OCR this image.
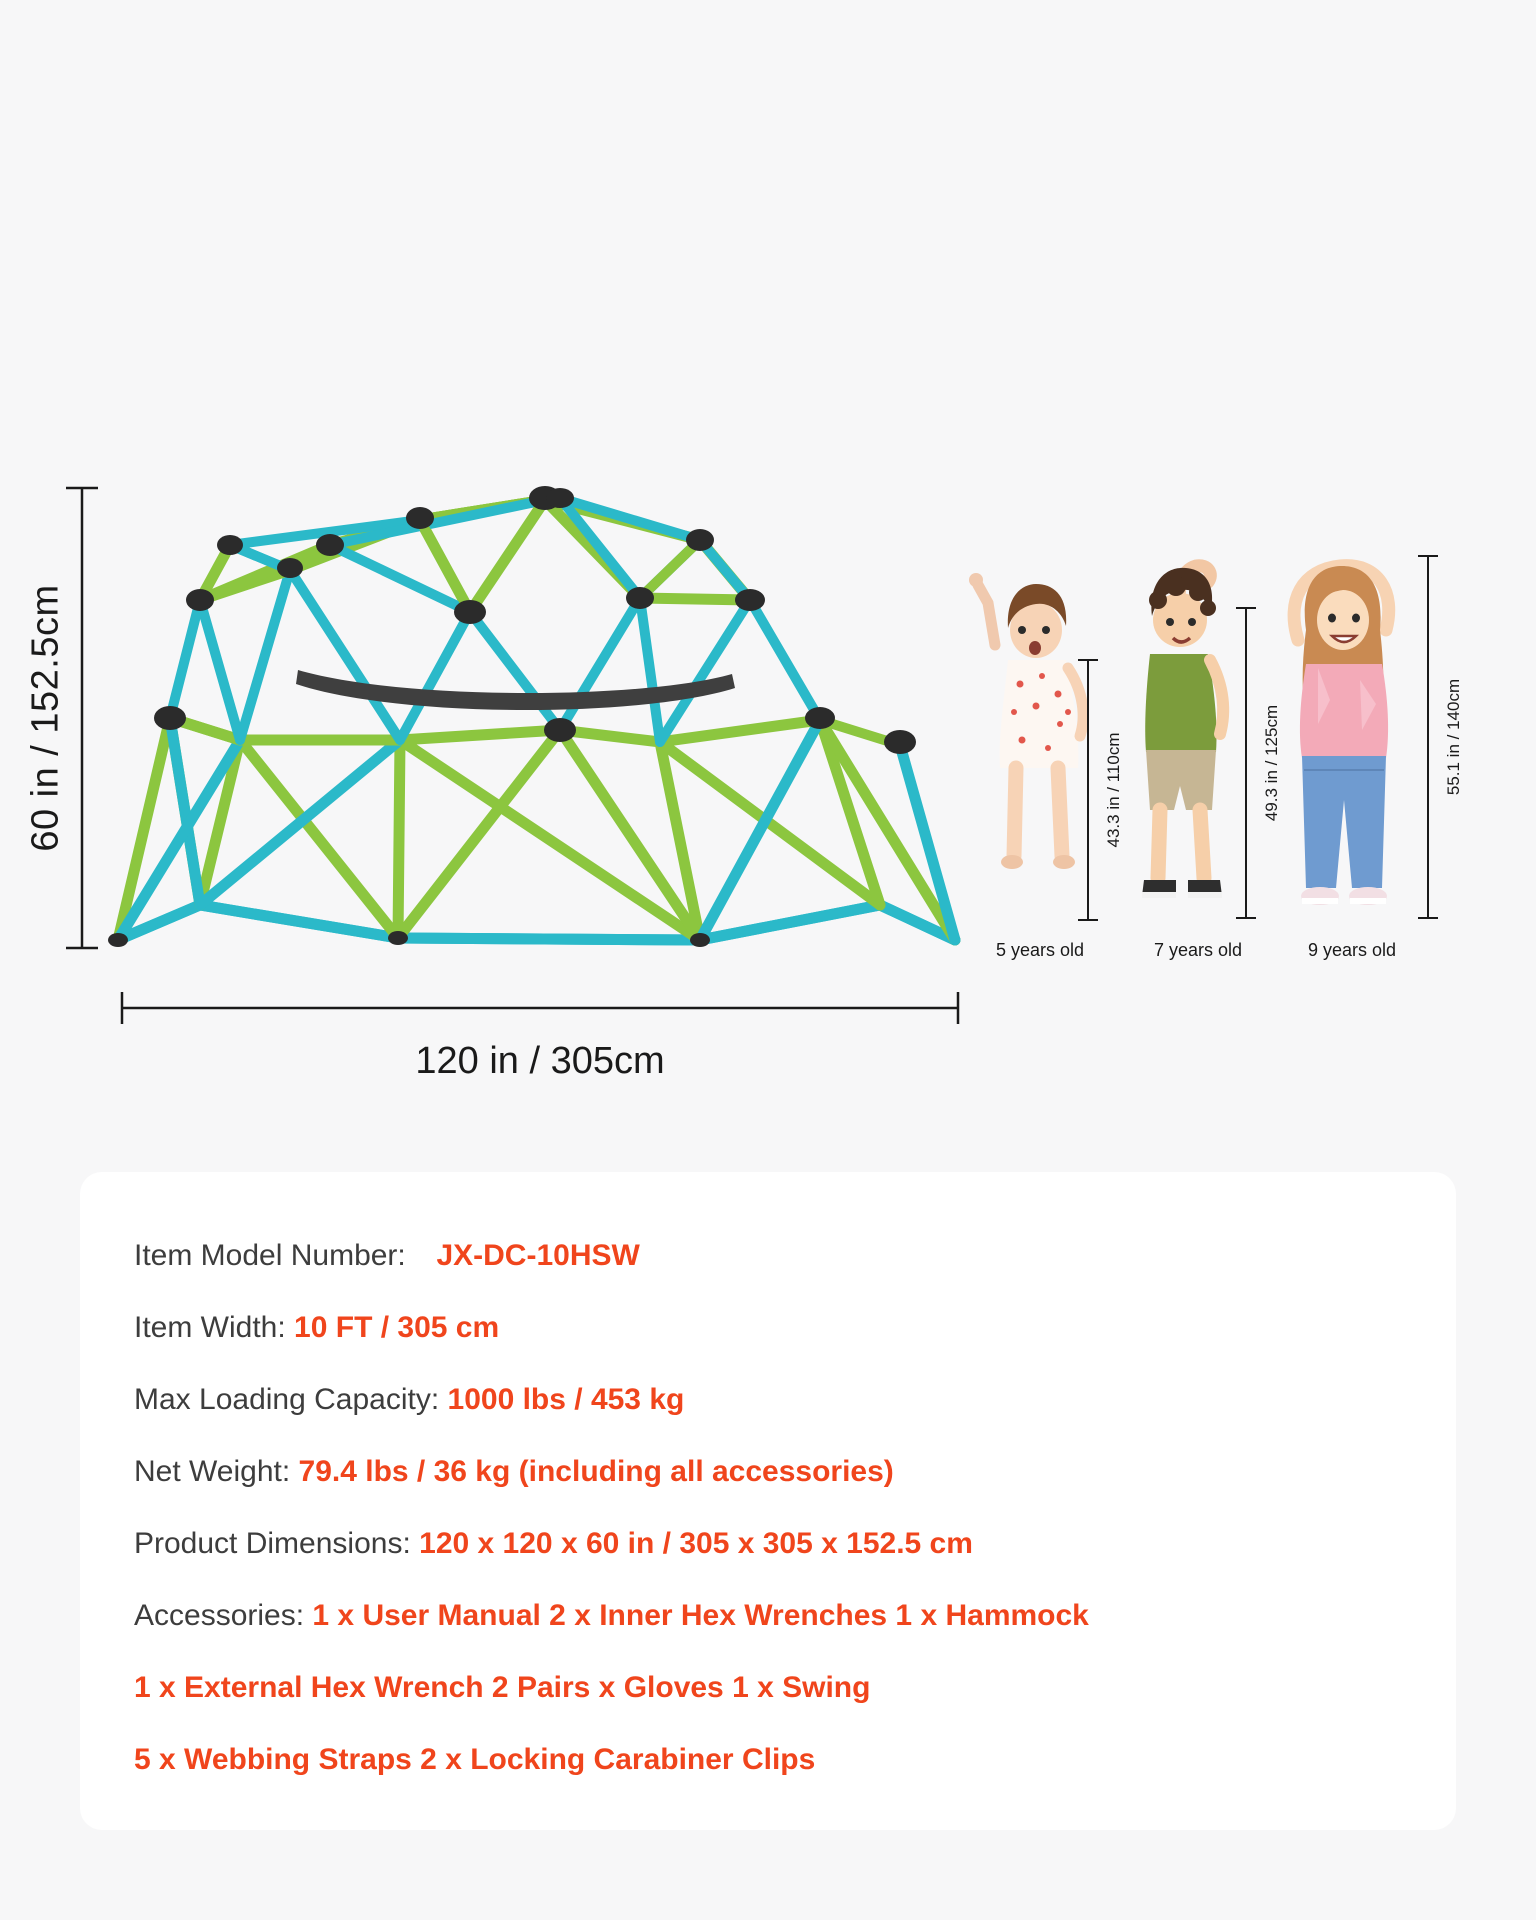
60 in / 152.5cm
120 in / 305cm
43.3 in / 110cm	49.3 in / 125cm	55.1 in / 140cm
5 years old	7 years old	9 years old
Item Model Number: JX-DC-10HSW
Item Width: 10 FT / 305 cm
Max Loading Capacity: 1000 lbs / 453 kg
Net Weight: 79.4 lbs / 36 kg (including all accessories)
Product Dimensions: 120 x 120 x 60 in / 305 x 305 x 152.5 cm
Accessories: 1 x User Manual 2 x Inner Hex Wrenches 1 x Hammock
1 x External Hex Wrench 2 Pairs x Gloves 1 x Swing
5 x Webbing Straps 2 x Locking Carabiner Clips
